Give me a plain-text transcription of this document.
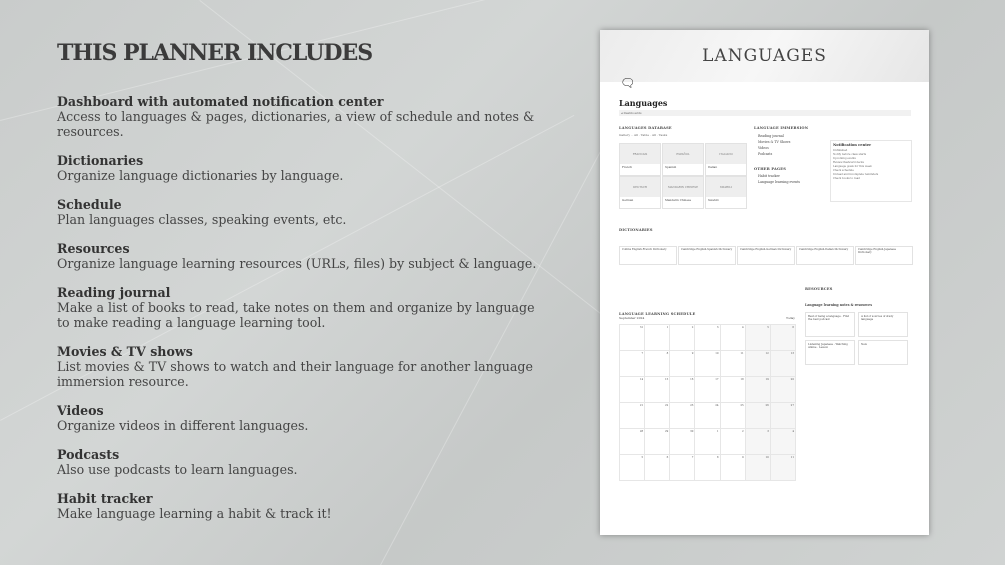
THIS PLANNER INCLUDES
Dashboard with automated notification center
Access to languages & pages, dictionaries, a view of schedule and notes & resources.
Dictionaries
Organize language dictionaries by language.
Schedule
Plan languages classes, speaking events, etc.
Resources
Organize language learning resources (URLs, files) by subject & language.
Reading journal
Make a list of books to read, take notes on them and organize by language to make reading a language learning tool.
Movies & TV shows
List movies & TV shows to watch and their language for another language immersion resource.
Videos
Organize videos in different languages.
Podcasts
Also use podcasts to learn languages.
Habit tracker
Make language learning a habit & track it!
LANGUAGES
🗨
Languages
◂ Dashboards
LANGUAGES DATABASE
Gallery ·· All · Table · All · Tasks
FRANCAIS
French
ESPAÑOL
Spanish
ITALIANO
Italian
DEUTSCH
German
MANDARIN CHINESE
Mandarin Chinese
SWAHILI
Swahili
LANGUAGE IMMERSION
Reading journal
Movies & TV Shows
Videos
Podcasts
OTHER PAGES
Habit tracker
Language learning events
Notification center
Unfinished
Notify before class starts
Upcoming events
Review flashcard decks
Language goals for this week
Check schedule
Unread and incomplete reminders
Check books to read
DICTIONARIES
Collins English-French Dictionary	Cambridge English-Spanish Dictionary	Cambridge English-German Dictionary	Cambridge English-Italian Dictionary	Cambridge English-Japanese Dictionary
LANGUAGE LEARNING SCHEDULE
September 2024	Today
31	1	2	3	4	5	6
7	8	9	10	11	12	13
14	15	16	17	18	19	20
21	22	23	24	25	26	27
28	29	30	1	2	3	4
5	6	7	8	9	10	11
RESOURCES
Language learning notes & resources
Best of being a language · Find the best podcast
A list of sources of study language
Listening Japanese - Watching Anime · Lesson
New
